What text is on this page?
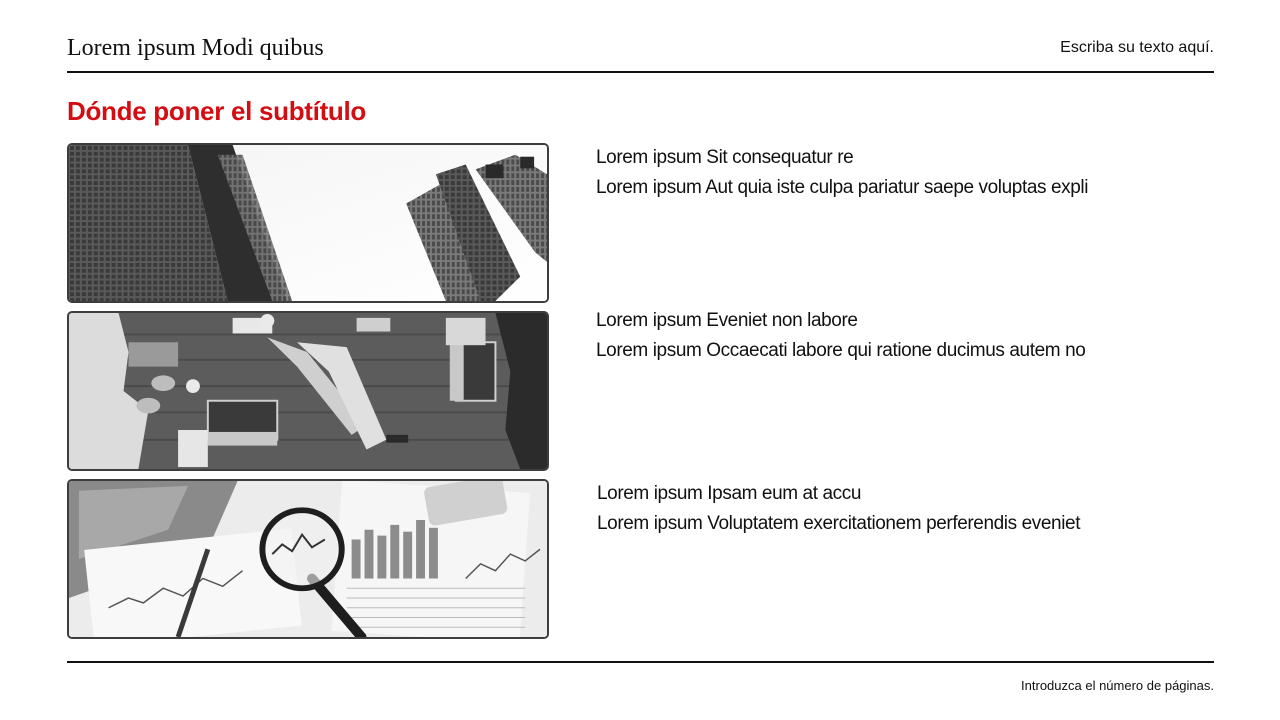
Lorem ipsum Modi quibus	Escriba su texto aquí.
Dónde poner el subtítulo
Lorem ipsum Sit consequatur re
Lorem ipsum Aut quia iste culpa pariatur saepe voluptas expli
Lorem ipsum Eveniet non labore
Lorem ipsum Occaecati labore qui ratione ducimus autem no
Lorem ipsum Ipsam eum at accu
Lorem ipsum Voluptatem exercitationem perferendis eveniet
Introduzca el número de páginas.
